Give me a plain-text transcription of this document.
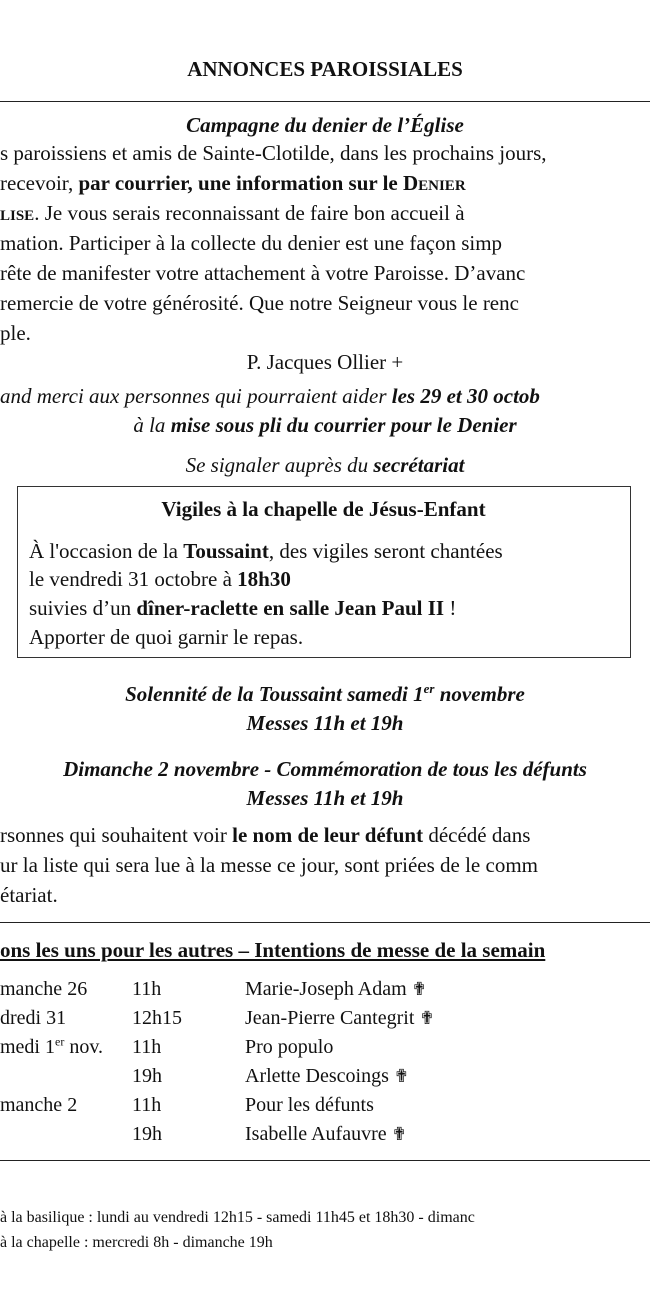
ANNONCES PAROISSIALES
Campagne du denier de l’Église
s paroissiens et amis de Sainte-Clotilde, dans les prochains jours,
recevoir, par courrier, une information sur le Denier
lise. Je vous serais reconnaissant de faire bon accueil à
mation. Participer à la collecte du denier est une façon simp
rête de manifester votre attachement à votre Paroisse. D’avanc
remercie de votre générosité. Que notre Seigneur vous le renc
ple.
P. Jacques Ollier +
and merci aux personnes qui pourraient aider les 29 et 30 octob
à la mise sous pli du courrier pour le Denier
Se signaler auprès du secrétariat
Vigiles à la chapelle de Jésus-Enfant
À l'occasion de la Toussaint, des vigiles seront chantées
le vendredi 31 octobre à 18h30
suivies d’un dîner-raclette en salle Jean Paul II !
Apporter de quoi garnir le repas.
Solennité de la Toussaint samedi 1er novembre
Messes 11h et 19h
Dimanche 2 novembre - Commémoration de tous les défunts
Messes 11h et 19h
rsonnes qui souhaitent voir le nom de leur défunt décédé dans
ur la liste qui sera lue à la messe ce jour, sont priées de le comm
étariat.
ons les uns pour les autres – Intentions de messe de la semain
manche 26 11h	Marie-Joseph Adam ✟
dredi 31	12h15	Jean-Pierre Cantegrit ✟
medi 1er nov. 11h	Pro populo
19h	Arlette Descoings ✟
manche 2	11h	Pour les défunts
19h	Isabelle Aufauvre ✟
à la basilique : lundi au vendredi 12h15 - samedi 11h45 et 18h30 - dimanc
à la chapelle : mercredi 8h - dimanche 19h
